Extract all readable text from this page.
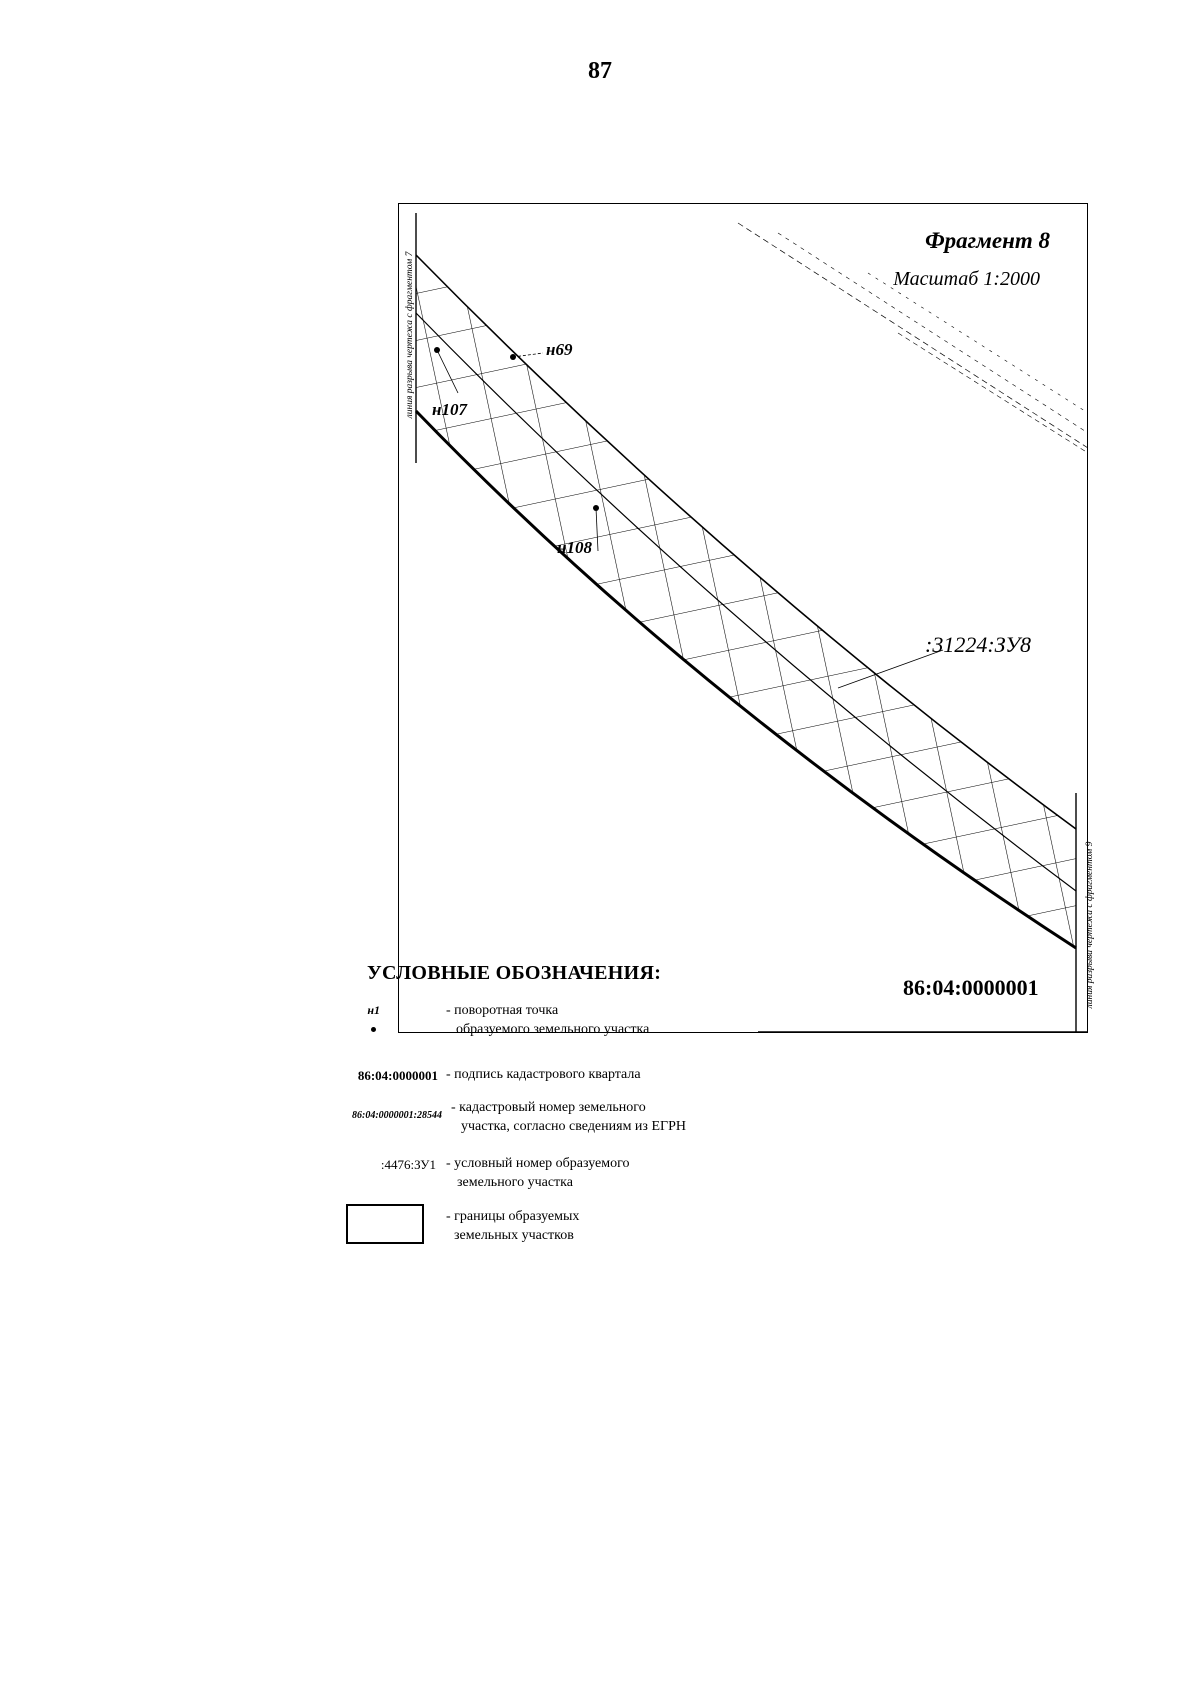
87
линия разрыва чертежа с фрагментом 7
линия разрыва чертежа с фрагментом 9
Фрагмент 8
Масштаб 1:2000
н69
н107
н108
:31224:ЗУ8
86:04:0000001
УСЛОВНЫЕ ОБОЗНАЧЕНИЯ:
н1	- поворотная точка
образуемого земельного участка
86:04:0000001 - подпись кадастрового квартала
86:04:0000001:28544
- кадастровый номер земельного
участка, согласно сведениям из ЕГРН
:4476:ЗУ1 - условный номер образуемого
земельного участка
- границы образуемых
земельных участков
